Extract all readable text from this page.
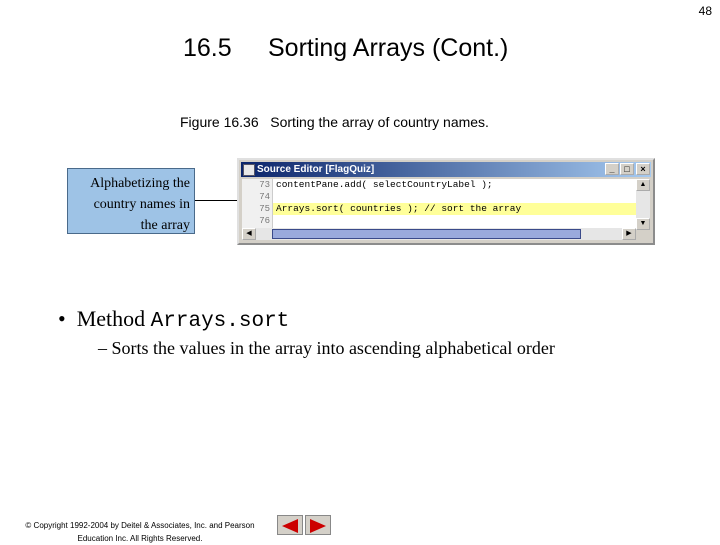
48
16.5 Sorting Arrays (Cont.)
Figure 16.36   Sorting the array of country names.
Alphabetizing the
country names in
the array
Source Editor [FlagQuiz]	_	□	×
73 contentPane.add( selectCountryLabel );
74
75 Arrays.sort( countries ); // sort the array
76
▲
▼
◀	▶
•  Method Arrays.sort
– Sorts the values in the array into ascending alphabetical order
© Copyright 1992-2004 by Deitel & Associates, Inc. and Pearson
Education Inc. All Rights Reserved.
